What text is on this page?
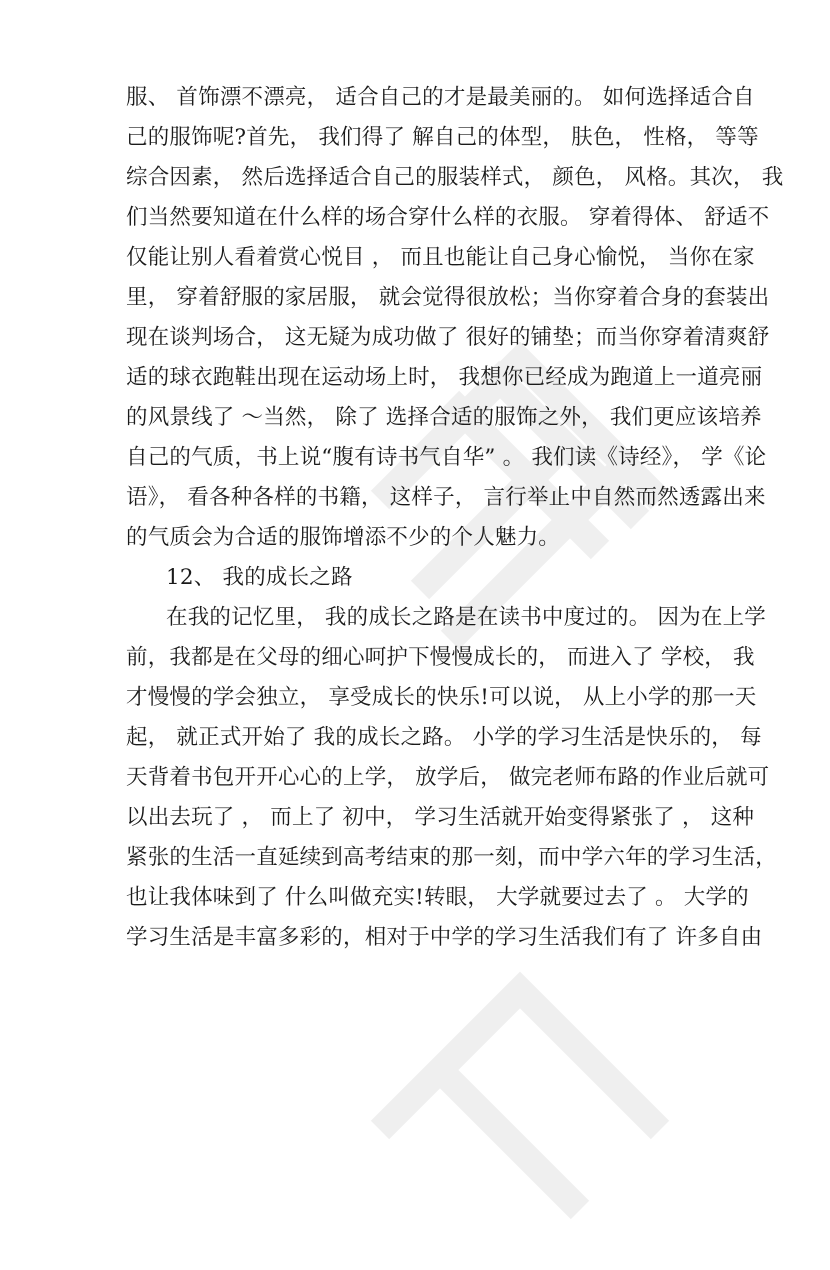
服、 首饰漂不漂亮， 适合自己的才是最美丽的。 如何选择适合自
己的服饰呢?首先， 我们得了 解自己的体型， 肤色， 性格， 等等
综合因素， 然后选择适合自己的服装样式， 颜色， 风格。其次， 我
们当然要知道在什么样的场合穿什么样的衣服。 穿着得体、 舒适不
仅能让别人看着赏心悦目 ， 而且也能让自己身心愉悦， 当你在家
里， 穿着舒服的家居服， 就会觉得很放松；当你穿着合身的套装出
现在谈判场合， 这无疑为成功做了 很好的铺垫；而当你穿着清爽舒
适的球衣跑鞋出现在运动场上时， 我想你已经成为跑道上一道亮丽
的风景线了 ～当然， 除了 选择合适的服饰之外， 我们更应该培养
自己的气质，书上说“腹有诗书气自华” 。 我们读《诗经》， 学《论
语》， 看各种各样的书籍， 这样子， 言行举止中自然而然透露出来
的气质会为合适的服饰增添不少的个人魅力。
12、 我的成长之路
在我的记忆里， 我的成长之路是在读书中度过的。 因为在上学
前，我都是在父母的细心呵护下慢慢成长的， 而进入了 学校， 我
才慢慢的学会独立， 享受成长的快乐!可以说， 从上小学的那一天
起， 就正式开始了 我的成长之路。 小学的学习生活是快乐的， 每
天背着书包开开心心的上学， 放学后， 做完老师布路的作业后就可
以出去玩了 ， 而上了 初中， 学习生活就开始变得紧张了 ， 这种
紧张的生活一直延续到高考结束的那一刻，而中学六年的学习生活，
也让我体味到了 什么叫做充实!转眼， 大学就要过去了 。 大学的
学习生活是丰富多彩的，相对于中学的学习生活我们有了 许多自由
